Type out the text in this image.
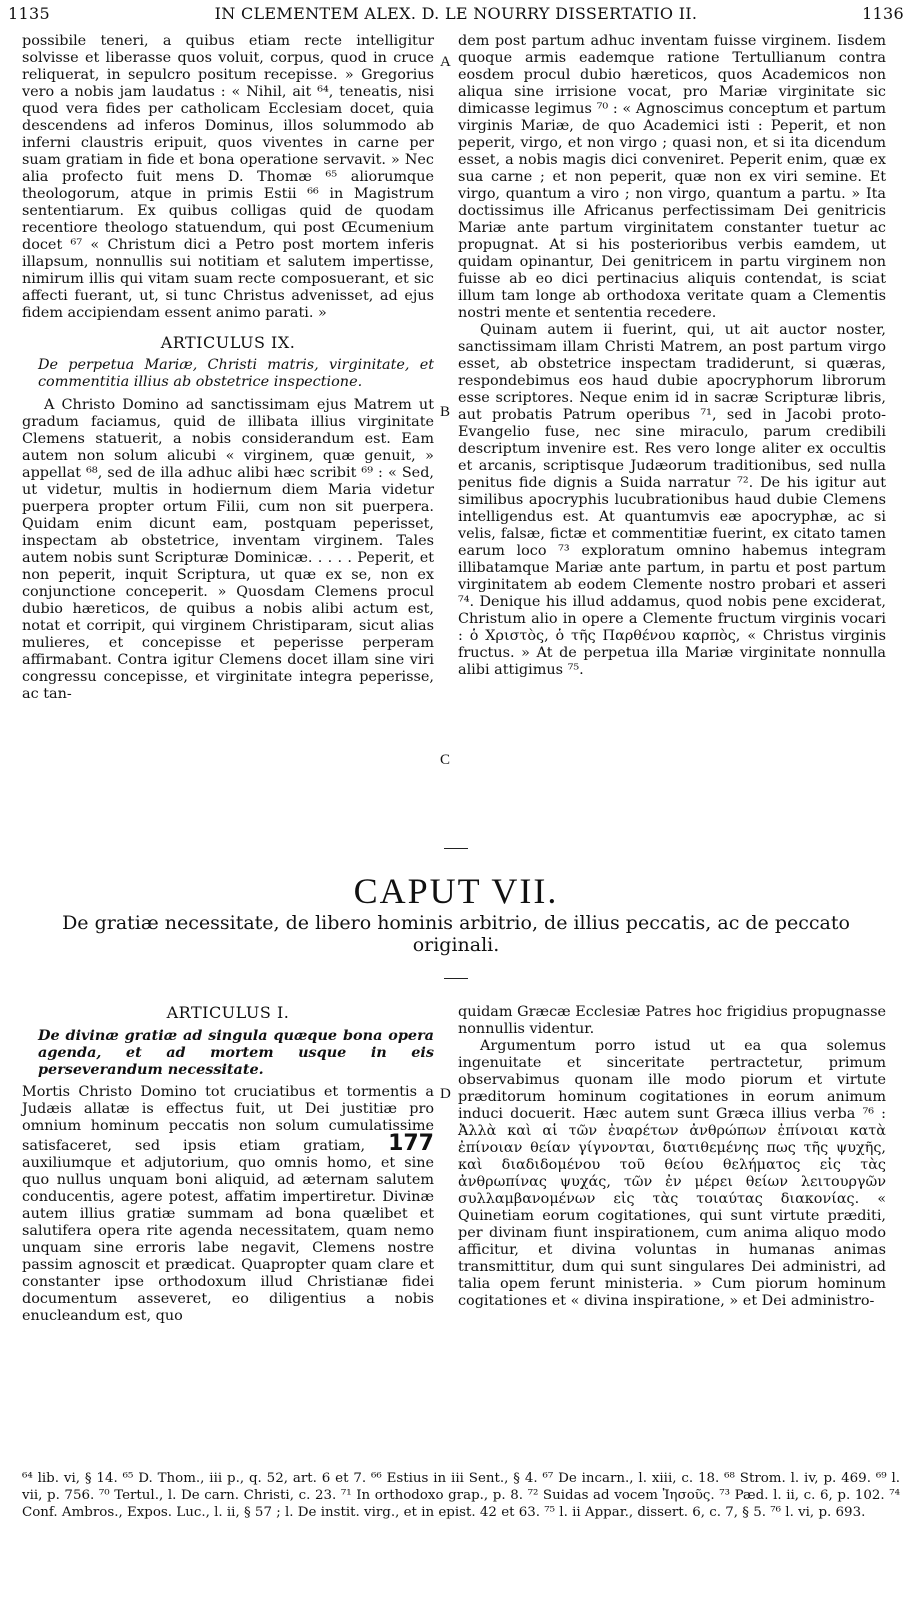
1135	IN CLEMENTEM ALEX. D. LE NOURRY DISSERTATIO II.	1136

possibile teneri, a quibus etiam recte intelligitur solvisse et liberasse quos voluit, corpus, quod in cruce reliquerat, in sepulcro positum recepisse. » Gregorius vero a nobis jam laudatus : « Nihil, ait ⁶⁴, teneatis, nisi quod vera fides per catholicam Ecclesiam docet, quia descendens ad inferos Dominus, illos solummodo ab inferni claustris eripuit, quos viventes in carne per suam gratiam in fide et bona operatione servavit. » Nec alia profecto fuit mens D. Thomæ ⁶⁵ aliorumque theologorum, atque in primis Estii ⁶⁶ in Magistrum sententiarum. Ex quibus colligas quid de quodam recentiore theologo statuendum, qui post Œcumenium docet ⁶⁷ « Christum dici a Petro post mortem inferis illapsum, nonnullis sui notitiam et salutem impertisse, nimirum illis qui vitam suam recte composuerant, et sic affecti fuerant, ut, si tunc Christus advenisset, ad ejus fidem accipiendam essent animo parati. »

ARTICULUS IX.
De perpetua Mariæ, Christi matris, virginitate, et commentitia illius ab obstetrice inspectione.

A Christo Domino ad sanctissimam ejus Matrem ut gradum faciamus, quid de illibata illius virginitate Clemens statuerit, a nobis considerandum est. Eam autem non solum alicubi « virginem, quæ genuit, » appellat ⁶⁸, sed de illa adhuc alibi hæc scribit ⁶⁹ : « Sed, ut videtur, multis in hodiernum diem Maria videtur puerpera propter ortum Filii, cum non sit puerpera. Quidam enim dicunt eam, postquam peperisset, inspectam ab obstetrice, inventam virginem. Tales autem nobis sunt Scripturæ Dominicæ. . . . . Peperit, et non peperit, inquit Scriptura, ut quæ ex se, non ex conjunctione conceperit. » Quosdam Clemens procul dubio hæreticos, de quibus a nobis alibi actum est, notat et corripit, qui virginem Christiparam, sicut alias mulieres, et concepisse et peperisse perperam affirmabant. Contra igitur Clemens docet illam sine viri congressu concepisse, et virginitate integra peperisse, ac tan-

A
B
C
D

dem post partum adhuc inventam fuisse virginem. Iisdem quoque armis eademque ratione Tertullianum contra eosdem procul dubio hæreticos, quos Academicos non aliqua sine irrisione vocat, pro Mariæ virginitate sic dimicasse legimus ⁷⁰ : « Agnoscimus conceptum et partum virginis Mariæ, de quo Academici isti : Peperit, et non peperit, virgo, et non virgo ; quasi non, et si ita dicendum esset, a nobis magis dici conveniret. Peperit enim, quæ ex sua carne ; et non peperit, quæ non ex viri semine. Et virgo, quantum a viro ; non virgo, quantum a partu. » Ita doctissimus ille Africanus perfectissimam Dei genitricis Mariæ ante partum virginitatem constanter tuetur ac propugnat. At si his posterioribus verbis eamdem, ut quidam opinantur, Dei genitricem in partu virginem non fuisse ab eo dici pertinacius aliquis contendat, is sciat illum tam longe ab orthodoxa veritate quam a Clementis nostri mente et sententia recedere.

Quinam autem ii fuerint, qui, ut ait auctor noster, sanctissimam illam Christi Matrem, an post partum virgo esset, ab obstetrice inspectam tradiderunt, si quæras, respondebimus eos haud dubie apocryphorum librorum esse scriptores. Neque enim id in sacræ Scripturæ libris, aut probatis Patrum operibus ⁷¹, sed in Jacobi proto-Evangelio fuse, nec sine miraculo, parum credibili descriptum invenire est. Res vero longe aliter ex occultis et arcanis, scriptisque Judæorum traditionibus, sed nulla penitus fide dignis a Suida narratur ⁷². De his igitur aut similibus apocryphis lucubrationibus haud dubie Clemens intelligendus est. At quantumvis eæ apocryphæ, ac si velis, falsæ, fictæ et commentitiæ fuerint, ex citato tamen earum loco ⁷³ exploratum omnino habemus integram illibatamque Mariæ ante partum, in partu et post partum virginitatem ab eodem Clemente nostro probari et asseri ⁷⁴. Denique his illud addamus, quod nobis pene exciderat, Christum alio in opere a Clemente fructum virginis vocari : ὁ Χριστὸς, ὁ τῆς Παρθένου καρπὸς, « Christus virginis fructus. » At de perpetua illa Mariæ virginitate nonnulla alibi attigimus ⁷⁵.

CAPUT VII.
De gratiæ necessitate, de libero hominis arbitrio, de illius peccatis, ac de peccato originali.
ARTICULUS I.
De divinæ gratiæ ad singula quæque bona opera agenda, et ad mortem usque in eis perseverandum necessitate.

Mortis Christo Domino tot cruciatibus et tormentis a Judæis allatæ is effectus fuit, ut Dei justitiæ pro omnium hominum peccatis non solum cumulatissime satisfaceret, sed ipsis etiam gratiam, 177 auxiliumque et adjutorium, quo omnis homo, et sine quo nullus unquam boni aliquid, ad æternam salutem conducentis, agere potest, affatim impertiretur. Divinæ autem illius gratiæ summam ad bona quælibet et salutifera opera rite agenda necessitatem, quam nemo unquam sine erroris labe negavit, Clemens nostre passim agnoscit et prædicat. Quapropter quam clare et constanter ipse orthodoxum illud Christianæ fidei documentum asseveret, eo diligentius a nobis enucleandum est, quo

quidam Græcæ Ecclesiæ Patres hoc frigidius propugnasse nonnullis videntur.

Argumentum porro istud ut ea qua solemus ingenuitate et sinceritate pertractetur, primum observabimus quonam ille modo piorum et virtute præditorum hominum cogitationes in eorum animum induci docuerit. Hæc autem sunt Græca illius verba ⁷⁶ : Ἀλλὰ καὶ αἱ τῶν ἐναρέτων ἀνθρώπων ἐπίνοιαι κατὰ ἐπίνοιαν θείαν γίγνονται, διατιθεμένης πως τῆς ψυχῆς, καὶ διαδιδομένου τοῦ θείου θελήματος εἰς τὰς ἀνθρωπίνας ψυχάς, τῶν ἐν μέρει θείων λειτουργῶν συλλαμβανομένων εἰς τὰς τοιαύτας διακονίας. « Quinetiam eorum cogitationes, qui sunt virtute præditi, per divinam fiunt inspirationem, cum anima aliquo modo afficitur, et divina voluntas in humanas animas transmittitur, dum qui sunt singulares Dei administri, ad talia opem ferunt ministeria. » Cum piorum hominum cogitationes et « divina inspiratione, » et Dei administro-

⁶⁴ lib. vi, § 14. ⁶⁵ D. Thom., iii p., q. 52, art. 6 et 7. ⁶⁶ Estius in iii Sent., § 4. ⁶⁷ De incarn., l. xiii, c. 18. ⁶⁸ Strom. l. iv, p. 469. ⁶⁹ l. vii, p. 756. ⁷⁰ Tertul., l. De carn. Christi, c. 23. ⁷¹ In orthodoxo grap., p. 8. ⁷² Suidas ad vocem Ἰησοῦς. ⁷³ Pæd. l. ii, c. 6, p. 102. ⁷⁴ Conf. Ambros., Expos. Luc., l. ii, § 57 ; l. De instit. virg., et in epist. 42 et 63. ⁷⁵ l. ii Appar., dissert. 6, c. 7, § 5. ⁷⁶ l. vi, p. 693.
